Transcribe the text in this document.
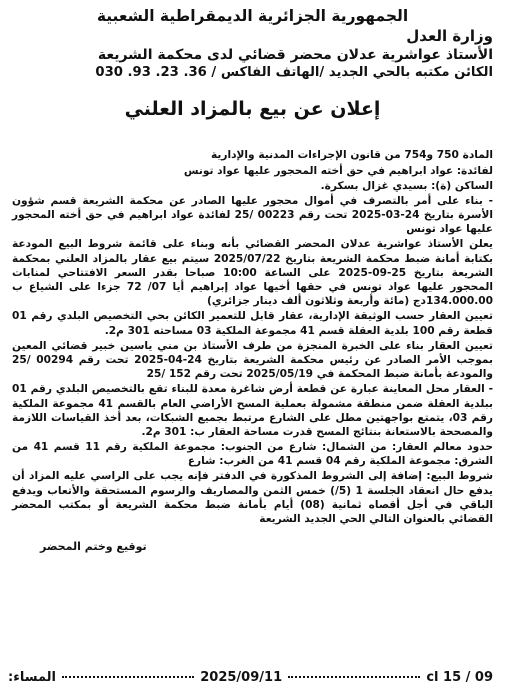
الجمهورية الجزائرية الديمقراطية الشعبية
وزارة العدل
الأستاذ عواشرية عدلان محضر قضائي لدى محكمة الشريعة
الكائن مكتبه بالحي الجديد /الهاتف الفاكس / 36. 23. 93. 030
إعلان عن بيع بالمزاد العلني

المادة 750 و754 من قانون الإجراءات المدنية والإدارية

لفائدة: عواد ابراهيم في حق أخته المحجور عليها عواد تونس

الساكن (ة): بسيدي غزال بسكرة.

- بناء على أمر بالتصرف في أموال محجور عليها الصادر عن محكمة الشريعة قسم شؤون الأسرة بتاريخ 24-03-2025 تحت رقم 00223 /25 لفائدة عواد ابراهيم في حق أخته المحجور عليها عواد تونس

يعلن الأستاذ عواشرية عدلان المحضر القضائي بأنه وبناء على قائمة شروط البيع المودعة بكتابة أمانة ضبط محكمة الشريعة بتاريخ 2025/07/22 سيتم بيع عقار بالمزاد العلني بمحكمة الشريعة بتاريخ 25-09-2025 على الساعة 10:00 صباحا بقدر السعر الافتتاحي لمنابات المحجور عليها عواد تونس في حقها أخيها عواد إبراهيم أيا 07/ 72 جزءا على الشياع ب 134.000.00دج (مائة وأربعة وثلاثون ألف دينار جزائري)

تعيين العقار حسب الوثيقة الإدارية، عقار قابل للتعمير الكائن بحي التخصيص البلدي رقم 01 قطعة رقم 100 بلدية العقلة قسم 41 مجموعة الملكية 03 مساحته 301 م2.

تعيين العقار بناء على الخبرة المنجزة من طرف الأستاذ بن مني ياسين خبير قضائي المعين بموجب الأمر الصادر عن رئيس محكمة الشريعة بتاريخ 24-04-2025 تحت رقم 00294 /25 والمودعة بأمانة ضبط المحكمة في 2025/05/19 تحت رقم 152 /25

- العقار محل المعاينة عبارة عن قطعة أرض شاغرة معدة للبناء تقع بالتخصيص البلدي رقم 01 ببلدية العقلة ضمن منطقة مشمولة بعملية المسح الأراضي العام بالقسم 41 مجموعة الملكية رقم 03، يتمتع بواجهتين مطل على الشارع مرتبط بجميع الشبكات، بعد أخذ القياسات اللازمة والمصححة بالاستعانة بنتائج المسح قدرت مساحة العقار ب: 301 م2.

حدود معالم العقار: من الشمال: شارع من الجنوب: مجموعة الملكية رقم 11 قسم 41 من الشرق: مجموعة الملكية رقم 04 قسم 41 من الغرب: شارع

شروط البيع: إضافة إلى الشروط المذكورة في الدفتر فإنه يجب على الراسي عليه المزاد أن يدفع حال انعقاد الجلسة 1 (5/) خمس الثمن والمصاريف والرسوم المستحقة والأتعاب ويدفع الباقي في أجل أقصاه ثمانية (08) أيام بأمانة ضبط محكمة الشريعة أو بمكتب المحضر القضائي بالعنوان التالي الحي الجديد الشريعة

توقيع وختم المحضر
المساء:	2025/09/11	cl 15 / 09
